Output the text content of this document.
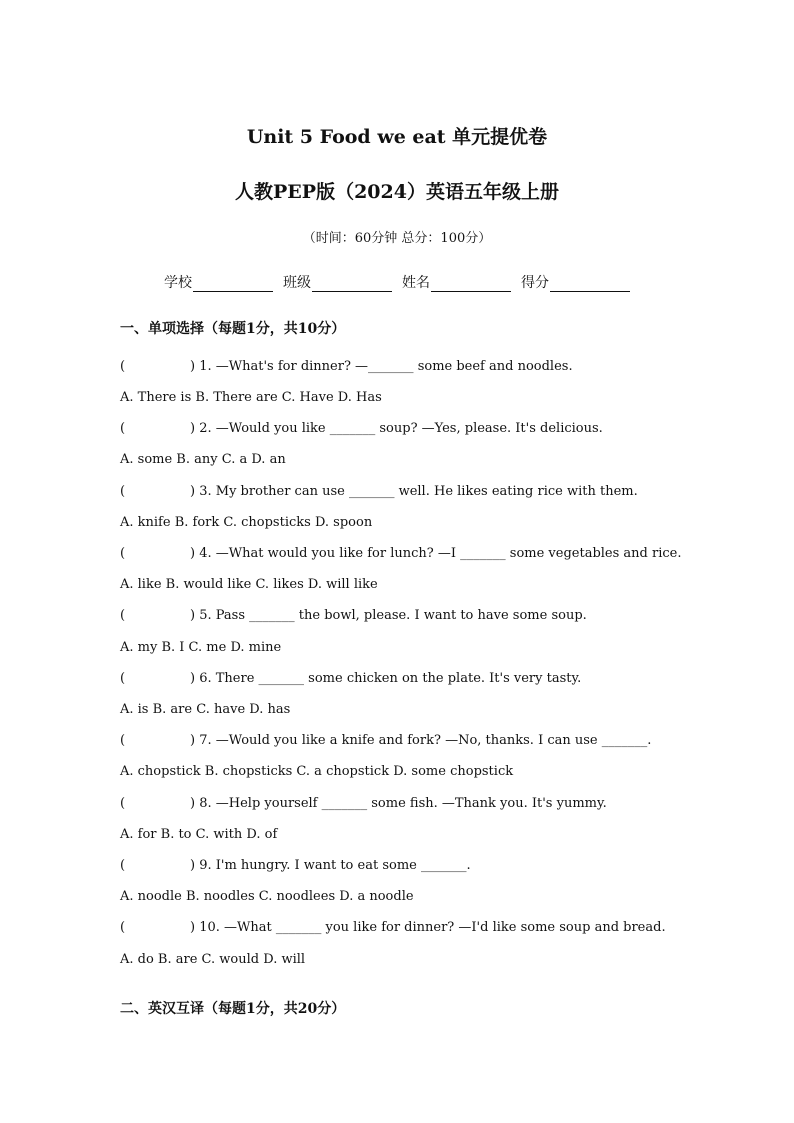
Unit 5 Food we eat 单元提优卷
人教PEP版（2024）英语五年级上册
（时间：60分钟 总分：100分）
学校	班级	姓名	得分
一、单项选择（每题1分，共10分）
(	) 1. —What's for dinner? —_______ some beef and noodles.
A. There is B. There are C. Have D. Has
(	) 2. —Would you like _______ soup? —Yes, please. It's delicious.
A. some B. any C. a D. an
(	) 3. My brother can use _______ well. He likes eating rice with them.
A. knife B. fork C. chopsticks D. spoon
(	) 4. —What would you like for lunch? —I _______ some vegetables and rice.
A. like B. would like C. likes D. will like
(	) 5. Pass _______ the bowl, please. I want to have some soup.
A. my B. I C. me D. mine
(	) 6. There _______ some chicken on the plate. It's very tasty.
A. is B. are C. have D. has
(	) 7. —Would you like a knife and fork? —No, thanks. I can use _______.
A. chopstick B. chopsticks C. a chopstick D. some chopstick
(	) 8. —Help yourself _______ some fish. —Thank you. It's yummy.
A. for B. to C. with D. of
(	) 9. I'm hungry. I want to eat some _______.
A. noodle B. noodles C. noodlees D. a noodle
(	) 10. —What _______ you like for dinner? —I'd like some soup and bread.
A. do B. are C. would D. will
二、英汉互译（每题1分，共20分）
